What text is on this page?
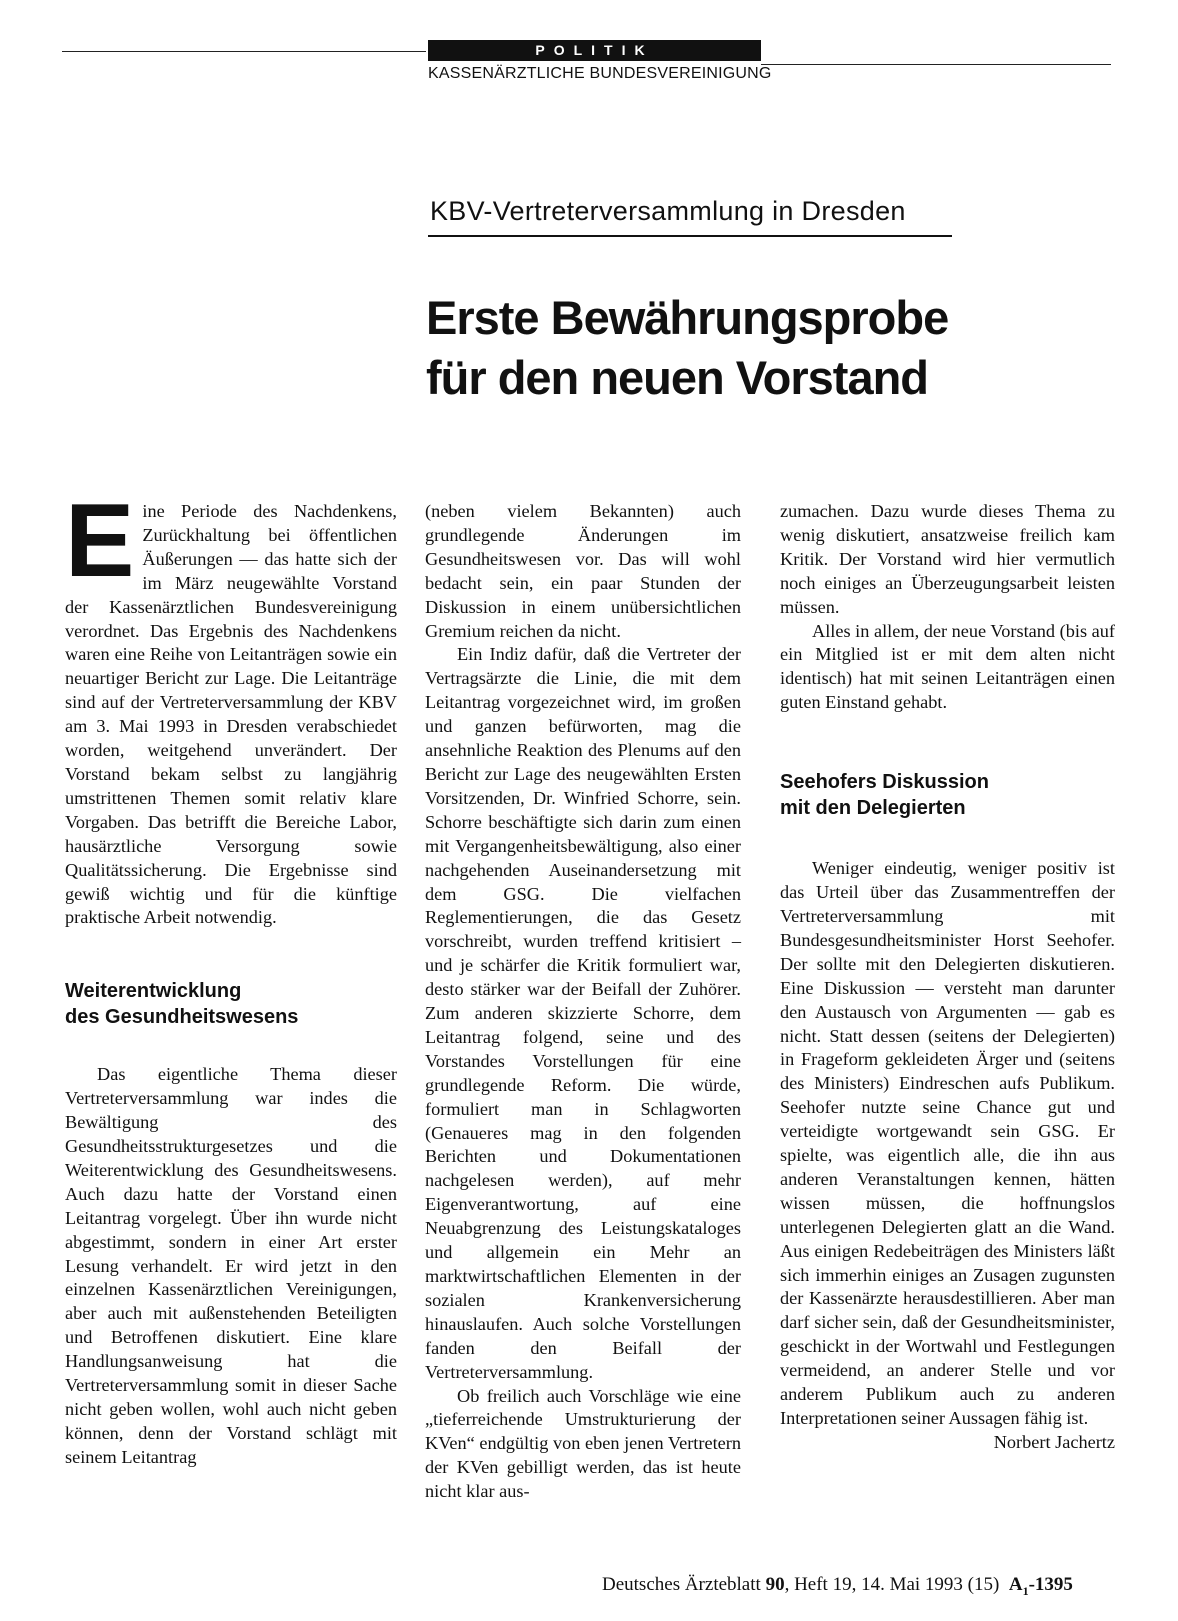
POLITIK
KASSENÄRZTLICHE BUNDESVEREINIGUNG
KBV-Vertreterversammlung in Dresden
Erste Bewährungsprobe
für den neuen Vorstand

Eine Periode des Nachdenkens, Zurückhaltung bei öffentlichen Äußerungen — das hatte sich der im März neugewählte Vorstand der Kassenärztlichen Bundesvereinigung verordnet. Das Ergebnis des Nachdenkens waren eine Reihe von Leitanträgen sowie ein neuartiger Bericht zur Lage. Die Leitanträge sind auf der Vertreterversammlung der KBV am 3. Mai 1993 in Dresden verabschiedet worden, weitgehend unverändert. Der Vorstand bekam selbst zu langjährig umstrittenen Themen somit relativ klare Vorgaben. Das betrifft die Bereiche Labor, hausärztliche Versorgung sowie Qualitätssicherung. Die Ergebnisse sind gewiß wichtig und für die künftige praktische Arbeit notwendig.

Weiterentwicklung
des Gesundheitswesens

Das eigentliche Thema dieser Vertreterversammlung war indes die Bewältigung des Gesundheitsstrukturgesetzes und die Weiterentwicklung des Gesundheitswesens. Auch dazu hatte der Vorstand einen Leitantrag vorgelegt. Über ihn wurde nicht abgestimmt, sondern in einer Art erster Lesung verhandelt. Er wird jetzt in den einzelnen Kassenärztlichen Vereinigungen, aber auch mit außenstehenden Beteiligten und Betroffenen diskutiert. Eine klare Handlungsanweisung hat die Vertreterversammlung somit in dieser Sache nicht geben wollen, wohl auch nicht geben können, denn der Vorstand schlägt mit seinem Leitantrag

(neben vielem Bekannten) auch grundlegende Änderungen im Gesundheitswesen vor. Das will wohl bedacht sein, ein paar Stunden der Diskussion in einem unübersichtlichen Gremium reichen da nicht.

Ein Indiz dafür, daß die Vertreter der Vertragsärzte die Linie, die mit dem Leitantrag vorgezeichnet wird, im großen und ganzen befürworten, mag die ansehnliche Reaktion des Plenums auf den Bericht zur Lage des neugewählten Ersten Vorsitzenden, Dr. Winfried Schorre, sein. Schorre beschäftigte sich darin zum einen mit Vergangenheitsbewältigung, also einer nachgehenden Auseinandersetzung mit dem GSG. Die vielfachen Reglementierungen, die das Gesetz vorschreibt, wurden treffend kritisiert – und je schärfer die Kritik formuliert war, desto stärker war der Beifall der Zuhörer. Zum anderen skizzierte Schorre, dem Leitantrag folgend, seine und des Vorstandes Vorstellungen für eine grundlegende Reform. Die würde, formuliert man in Schlagworten (Genaueres mag in den folgenden Berichten und Dokumentationen nachgelesen werden), auf mehr Eigenverantwortung, auf eine Neuabgrenzung des Leistungskataloges und allgemein ein Mehr an marktwirtschaftlichen Elementen in der sozialen Krankenversicherung hinauslaufen. Auch solche Vorstellungen fanden den Beifall der Vertreterversammlung.

Ob freilich auch Vorschläge wie eine „tieferreichende Umstrukturierung der KVen“ endgültig von eben jenen Vertretern der KVen gebilligt werden, das ist heute nicht klar aus-

zumachen. Dazu wurde dieses Thema zu wenig diskutiert, ansatzweise freilich kam Kritik. Der Vorstand wird hier vermutlich noch einiges an Überzeugungsarbeit leisten müssen.

Alles in allem, der neue Vorstand (bis auf ein Mitglied ist er mit dem alten nicht identisch) hat mit seinen Leitanträgen einen guten Einstand gehabt.

Seehofers Diskussion
mit den Delegierten

Weniger eindeutig, weniger positiv ist das Urteil über das Zusammentreffen der Vertreterversammlung mit Bundesgesundheitsminister Horst Seehofer. Der sollte mit den Delegierten diskutieren. Eine Diskussion — versteht man darunter den Austausch von Argumenten — gab es nicht. Statt dessen (seitens der Delegierten) in Frageform gekleideten Ärger und (seitens des Ministers) Eindreschen aufs Publikum. Seehofer nutzte seine Chance gut und verteidigte wortgewandt sein GSG. Er spielte, was eigentlich alle, die ihn aus anderen Veranstaltungen kennen, hätten wissen müssen, die hoffnungslos unterlegenen Delegierten glatt an die Wand. Aus einigen Redebeiträgen des Ministers läßt sich immerhin einiges an Zusagen zugunsten der Kassenärzte herausdestillieren. Aber man darf sicher sein, daß der Gesundheitsminister, geschickt in der Wortwahl und Festlegungen vermeidend, an anderer Stelle und vor anderem Publikum auch zu anderen Interpretationen seiner Aussagen fähig ist.
Norbert Jachertz

Deutsches Ärzteblatt 90, Heft 19, 14. Mai 1993 (15) $A_1-1395$
